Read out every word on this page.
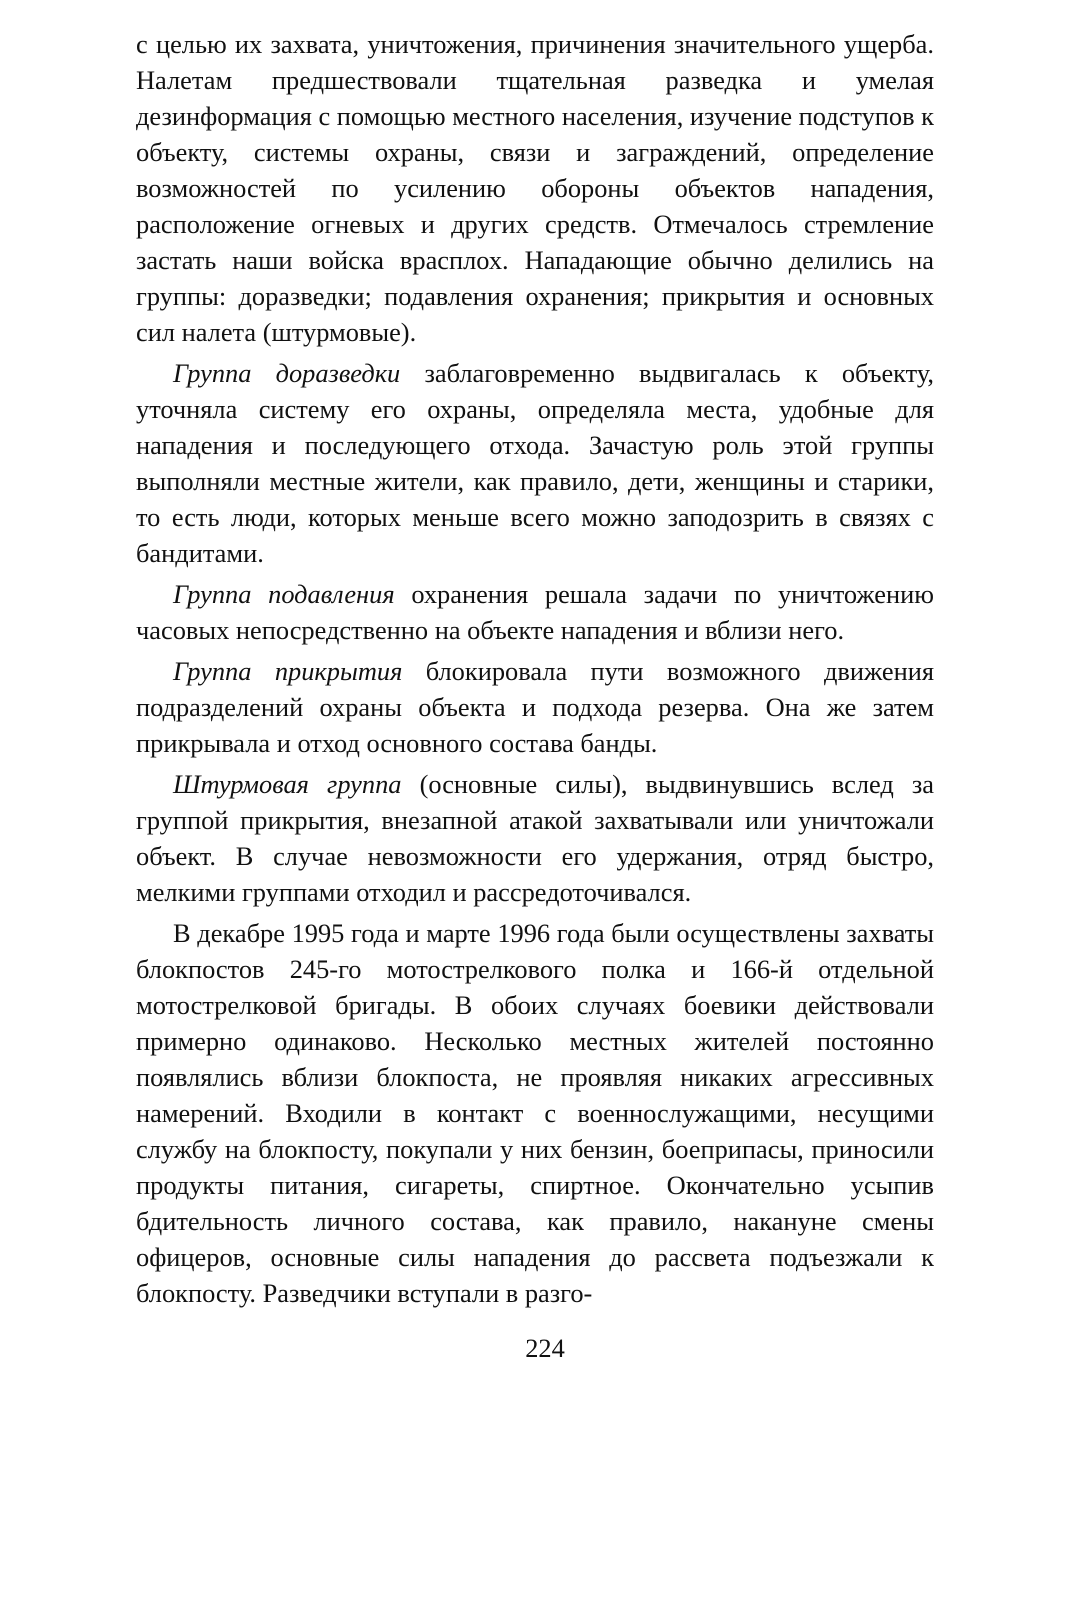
с целью их захвата, уничтожения, причинения значительного ущерба. Налетам предшествовали тщательная разведка и умелая дезинформация с помощью местного населения, изучение подступов к объекту, системы охраны, связи и заграждений, определение возможностей по усилению обороны объектов нападения, расположение огневых и других средств. Отмечалось стремление застать наши войска врасплох. Нападающие обычно делились на группы: доразведки; подавления охранения; прикрытия и основных сил налета (штурмовые).

Группа доразведки заблаговременно выдвигалась к объекту, уточняла систему его охраны, определяла места, удобные для нападения и последующего отхода. Зачастую роль этой группы выполняли местные жители, как правило, дети, женщины и старики, то есть люди, которых меньше всего можно заподозрить в связях с бандитами.

Группа подавления охранения решала задачи по уничтожению часовых непосредственно на объекте нападения и вблизи него.

Группа прикрытия блокировала пути возможного движения подразделений охраны объекта и подхода резерва. Она же затем прикрывала и отход основного состава банды.

Штурмовая группа (основные силы), выдвинувшись вслед за группой прикрытия, внезапной атакой захватывали или уничтожали объект. В случае невозможности его удержания, отряд быстро, мелкими группами отходил и рассредоточивался.

В декабре 1995 года и марте 1996 года были осуществлены захваты блокпостов 245-го мотострелкового полка и 166-й отдельной мотострелковой бригады. В обоих случаях боевики действовали примерно одинаково. Несколько местных жителей постоянно появлялись вблизи блокпоста, не проявляя никаких агрессивных намерений. Входили в контакт с военнослужащими, несущими службу на блокпосту, покупали у них бензин, боеприпасы, приносили продукты питания, сигареты, спиртное. Окончательно усыпив бдительность личного состава, как правило, накануне смены офицеров, основные силы нападения до рассвета подъезжали к блокпосту. Разведчики вступали в разго-

224
